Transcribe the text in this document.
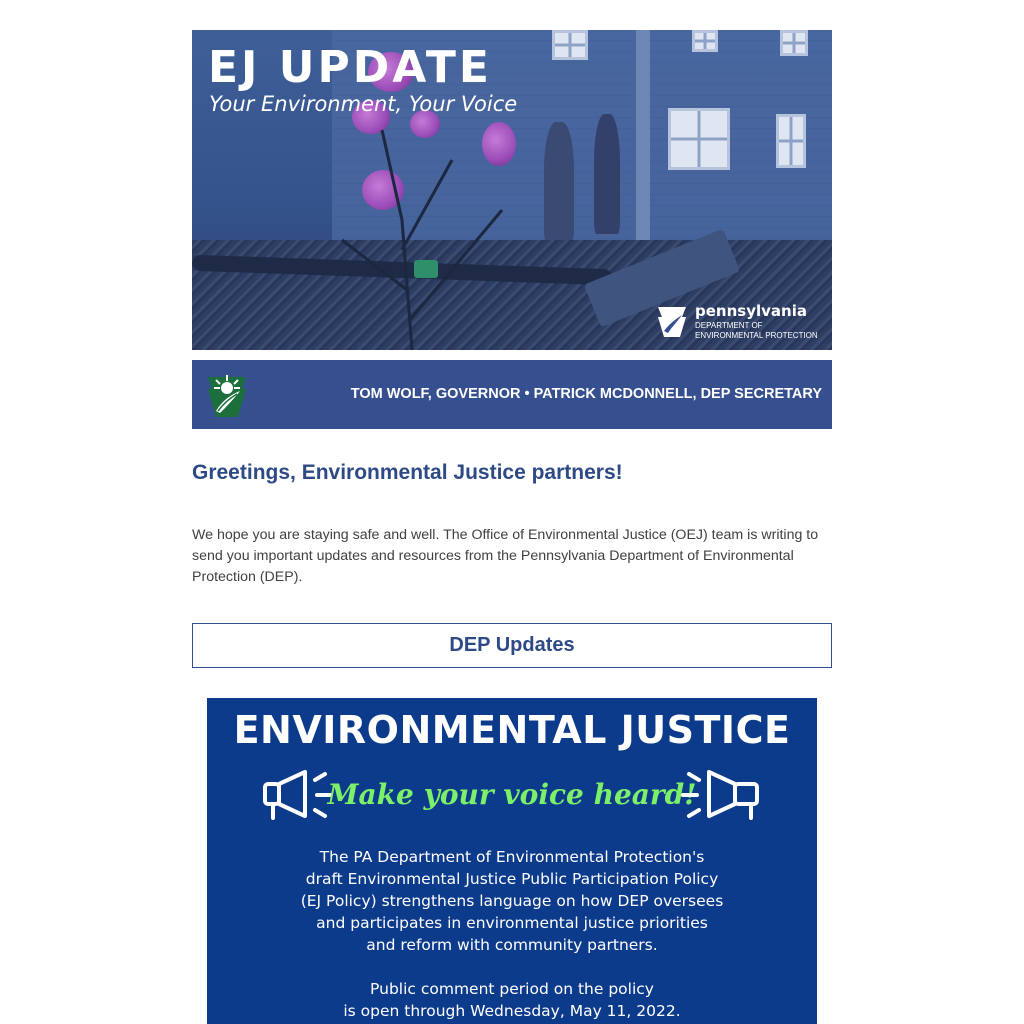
EJ UPDATE
Your Environment, Your Voice
pennsylvania
DEPARTMENT OF ENVIRONMENTAL PROTECTION
TOM WOLF, GOVERNOR • PATRICK MCDONNELL, DEP SECRETARY
Greetings, Environmental Justice partners!
We hope you are staying safe and well. The Office of Environmental Justice (OEJ) team is writing to send you important updates and resources from the Pennsylvania Department of Environmental Protection (DEP).
DEP Updates
ENVIRONMENTAL JUSTICE
Make your voice heard!

The PA Department of Environmental Protection's

draft Environmental Justice Public Participation Policy

(EJ Policy) strengthens language on how DEP oversees

and participates in environmental justice priorities

and reform with community partners.

Public comment period on the policy

is open through Wednesday, May 11, 2022.
